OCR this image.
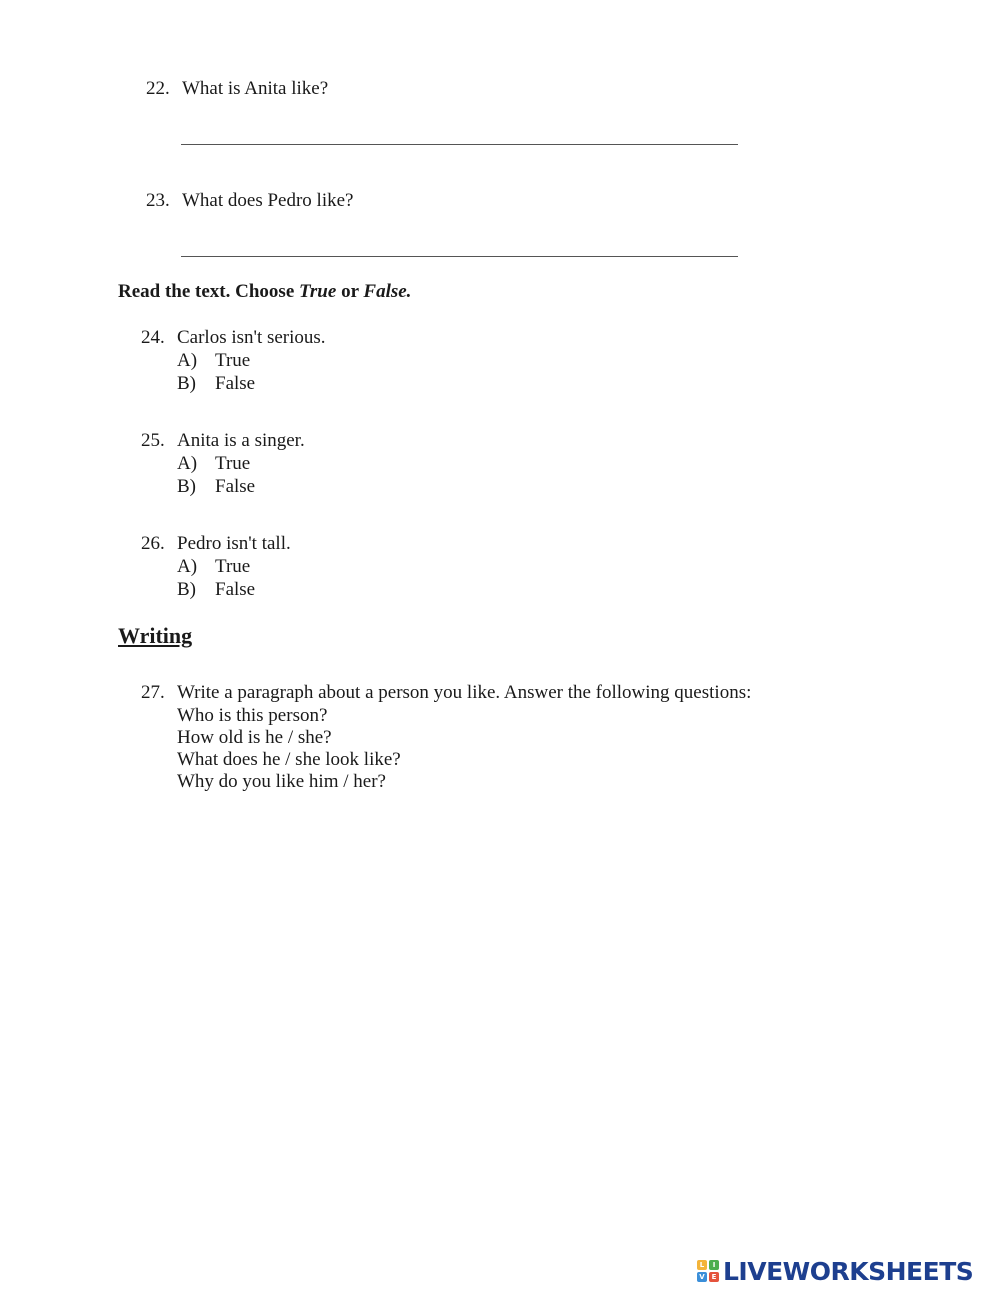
22. What is Anita like?
23. What does Pedro like?
Read the text. Choose True or False.
24. Carlos isn't serious.
A) True
B) False
25. Anita is a singer.
A) True
B) False
26. Pedro isn't tall.
A) True
B) False
Writing
27. Write a paragraph about a person you like. Answer the following questions:
Who is this person?
How old is he / she?
What does he / she look like?
Why do you like him / her?
L	I
V E LIVEWORKSHEETS
